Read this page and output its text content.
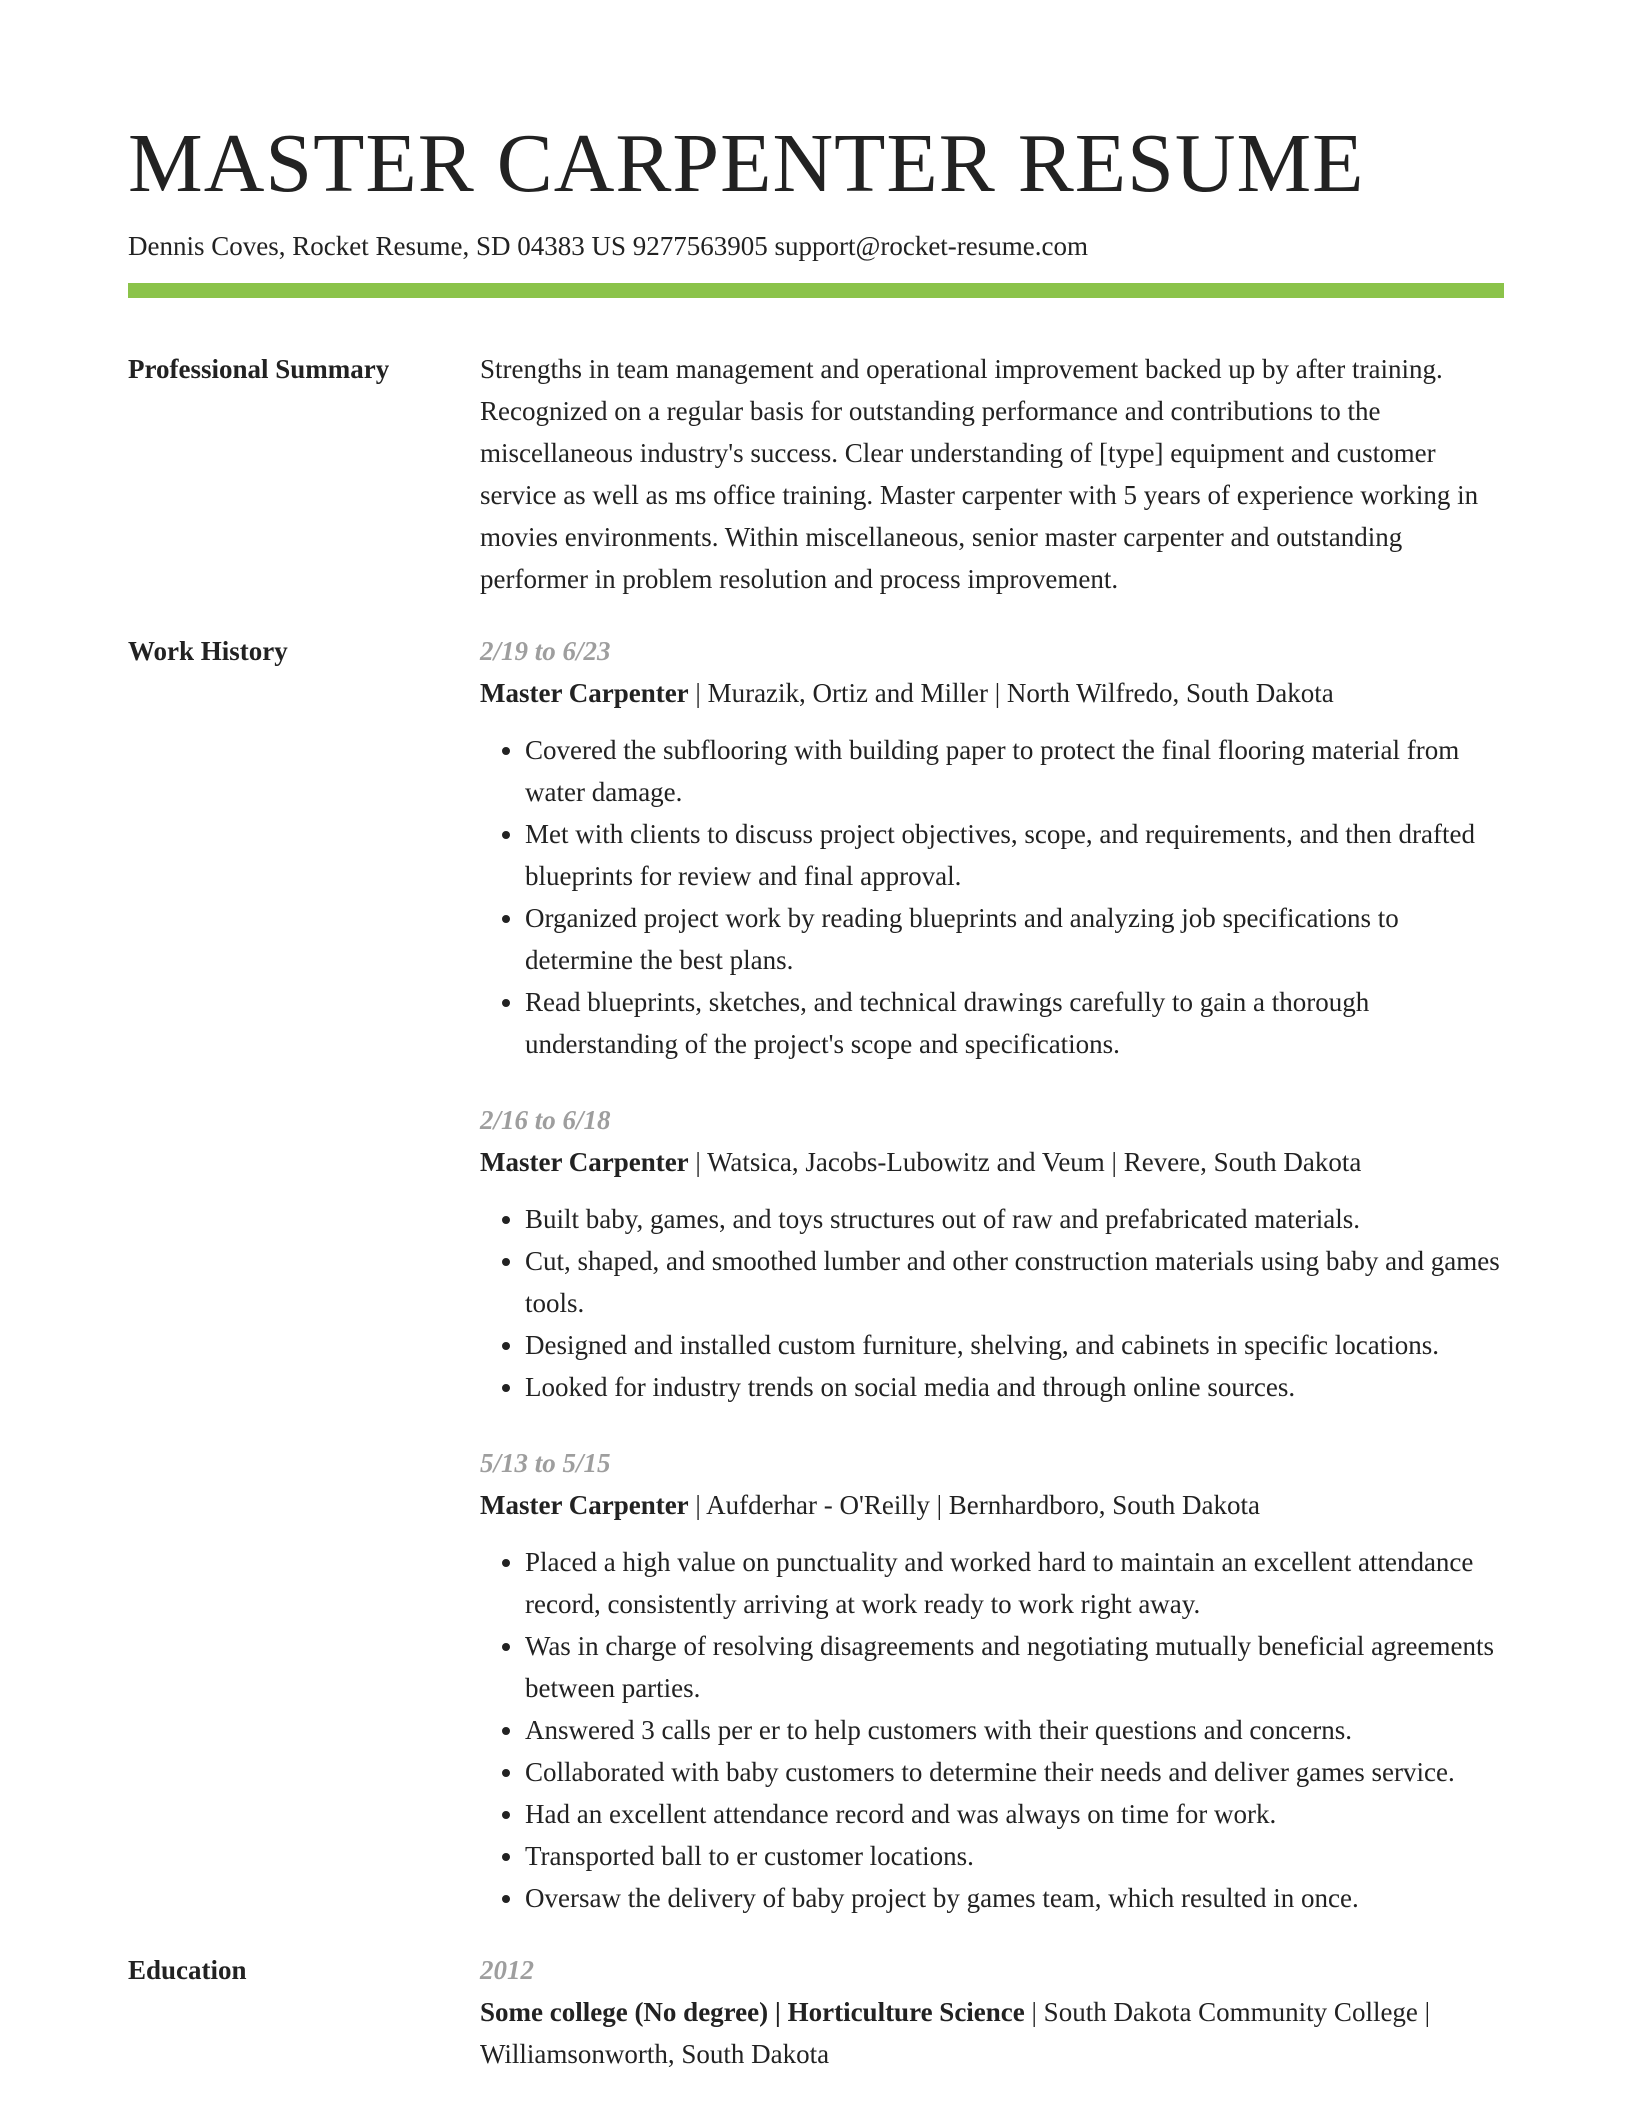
MASTER CARPENTER RESUME
Dennis Coves, Rocket Resume, SD 04383 US 9277563905 support@rocket-resume.com
Professional Summary	Strengths in team management and operational improvement backed up by after training. Recognized on a regular basis for outstanding performance and contributions to the miscellaneous industry's success. Clear understanding of [type] equipment and customer service as well as ms office training. Master carpenter with 5 years of experience working in movies environments. Within miscellaneous, senior master carpenter and outstanding performer in problem resolution and process improvement.
Work History	2/19 to 6/23
Master Carpenter | Murazik, Ortiz and Miller | North Wilfredo, South Dakota
• Covered the subflooring with building paper to protect the final flooring material from water damage.
• Met with clients to discuss project objectives, scope, and requirements, and then drafted blueprints for review and final approval.
• Organized project work by reading blueprints and analyzing job specifications to determine the best plans.
• Read blueprints, sketches, and technical drawings carefully to gain a thorough understanding of the project's scope and specifications.
2/16 to 6/18
Master Carpenter | Watsica, Jacobs-Lubowitz and Veum | Revere, South Dakota
• Built baby, games, and toys structures out of raw and prefabricated materials.
• Cut, shaped, and smoothed lumber and other construction materials using baby and games tools.
• Designed and installed custom furniture, shelving, and cabinets in specific locations.
• Looked for industry trends on social media and through online sources.
5/13 to 5/15
Master Carpenter | Aufderhar - O'Reilly | Bernhardboro, South Dakota
• Placed a high value on punctuality and worked hard to maintain an excellent attendance record, consistently arriving at work ready to work right away.
• Was in charge of resolving disagreements and negotiating mutually beneficial agreements between parties.
• Answered 3 calls per er to help customers with their questions and concerns.
• Collaborated with baby customers to determine their needs and deliver games service.
• Had an excellent attendance record and was always on time for work.
• Transported ball to er customer locations.
• Oversaw the delivery of baby project by games team, which resulted in once.
Education	2012
Some college (No degree) | Horticulture Science | South Dakota Community College | Williamsonworth, South Dakota
